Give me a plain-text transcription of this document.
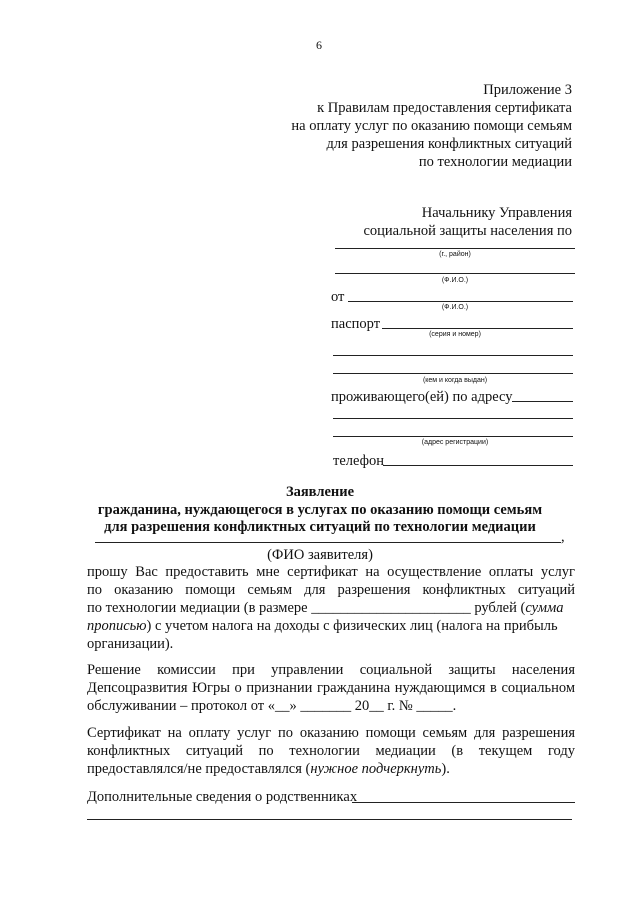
6
Приложение 3
к Правилам предоставления сертификата
на оплату услуг по оказанию помощи семьям
для разрешения конфликтных ситуаций
по технологии медиации
Начальнику Управления
социальной защиты населения по
(г., район)
(Ф.И.О.)
от
(Ф.И.О.)
паспорт
(серия и номер)
(кем и когда выдан)
проживающего(ей) по адресу
(адрес регистрации)
телефон
Заявление
гражданина, нуждающегося в услугах по оказанию помощи семьям
для разрешения конфликтных ситуаций по технологии медиации
,
(ФИО заявителя)
прошу Вас предоставить мне сертификат на осуществление оплаты услуг
по оказанию помощи семьям для разрешения конфликтных ситуаций
по технологии медиации (в размере ______________________ рублей (сумма
прописью) с учетом налога на доходы с физических лиц (налога на прибыль
организации).
Решение комиссии при управлении социальной защиты населения
Депсоцразвития Югры о признании гражданина нуждающимся в социальном
обслуживании – протокол от «__» _______ 20__ г. № _____.
Сертификат на оплату услуг по оказанию помощи семьям для разрешения
конфликтных ситуаций по технологии медиации (в текущем году
предоставлялся/не предоставлялся (нужное подчеркнуть).
Дополнительные сведения о родственниках
